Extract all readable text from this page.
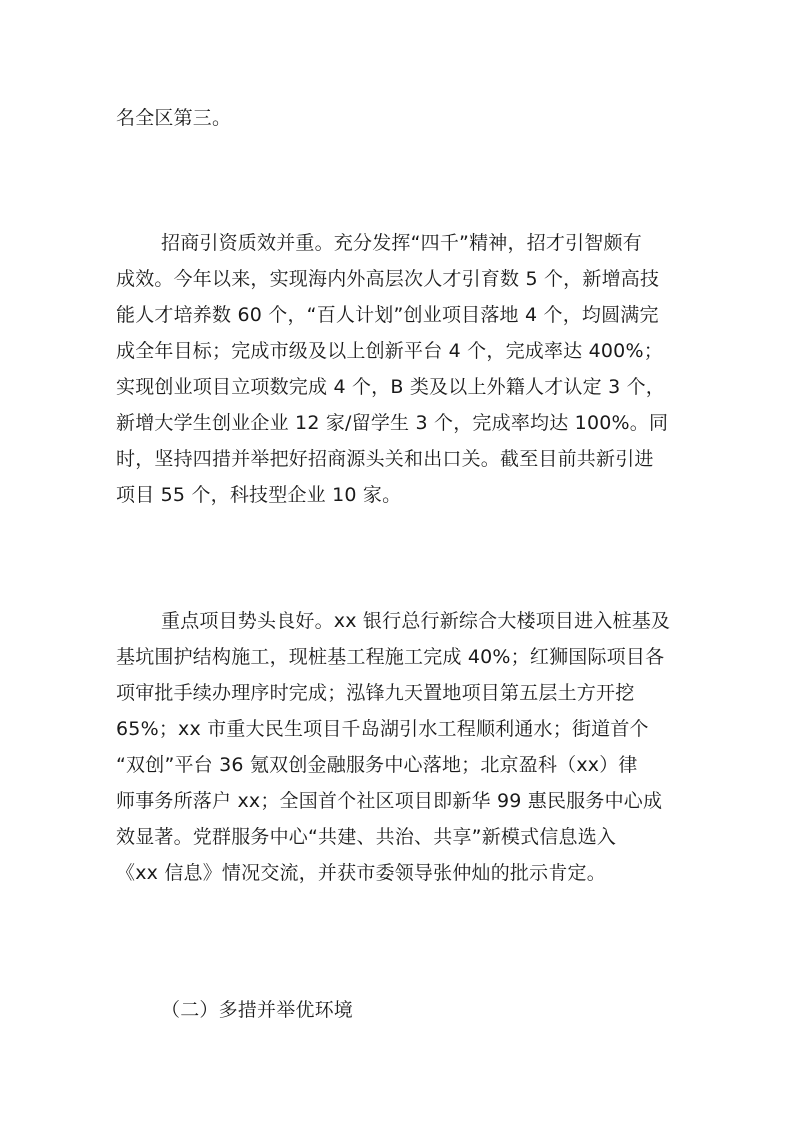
名全区第三。
招商引资质效并重。充分发挥“四千”精神，招才引智颇有
成效。今年以来，实现海内外高层次人才引育数 5 个，新增高技
能人才培养数 60 个，“百人计划”创业项目落地 4 个，均圆满完
成全年目标；完成市级及以上创新平台 4 个，完成率达 400%；
实现创业项目立项数完成 4 个，B 类及以上外籍人才认定 3 个，
新增大学生创业企业 12 家/留学生 3 个，完成率均达 100%。同
时，坚持四措并举把好招商源头关和出口关。截至目前共新引进
项目 55 个，科技型企业 10 家。
重点项目势头良好。xx 银行总行新综合大楼项目进入桩基及
基坑围护结构施工，现桩基工程施工完成 40%；红狮国际项目各
项审批手续办理序时完成；泓锋九天置地项目第五层土方开挖
65%；xx 市重大民生项目千岛湖引水工程顺利通水；街道首个
“双创”平台 36 氪双创金融服务中心落地；北京盈科（xx）律
师事务所落户 xx；全国首个社区项目即新华 99 惠民服务中心成
效显著。党群服务中心“共建、共治、共享”新模式信息选入
《xx 信息》情况交流，并获市委领导张仲灿的批示肯定。
（二）多措并举优环境
